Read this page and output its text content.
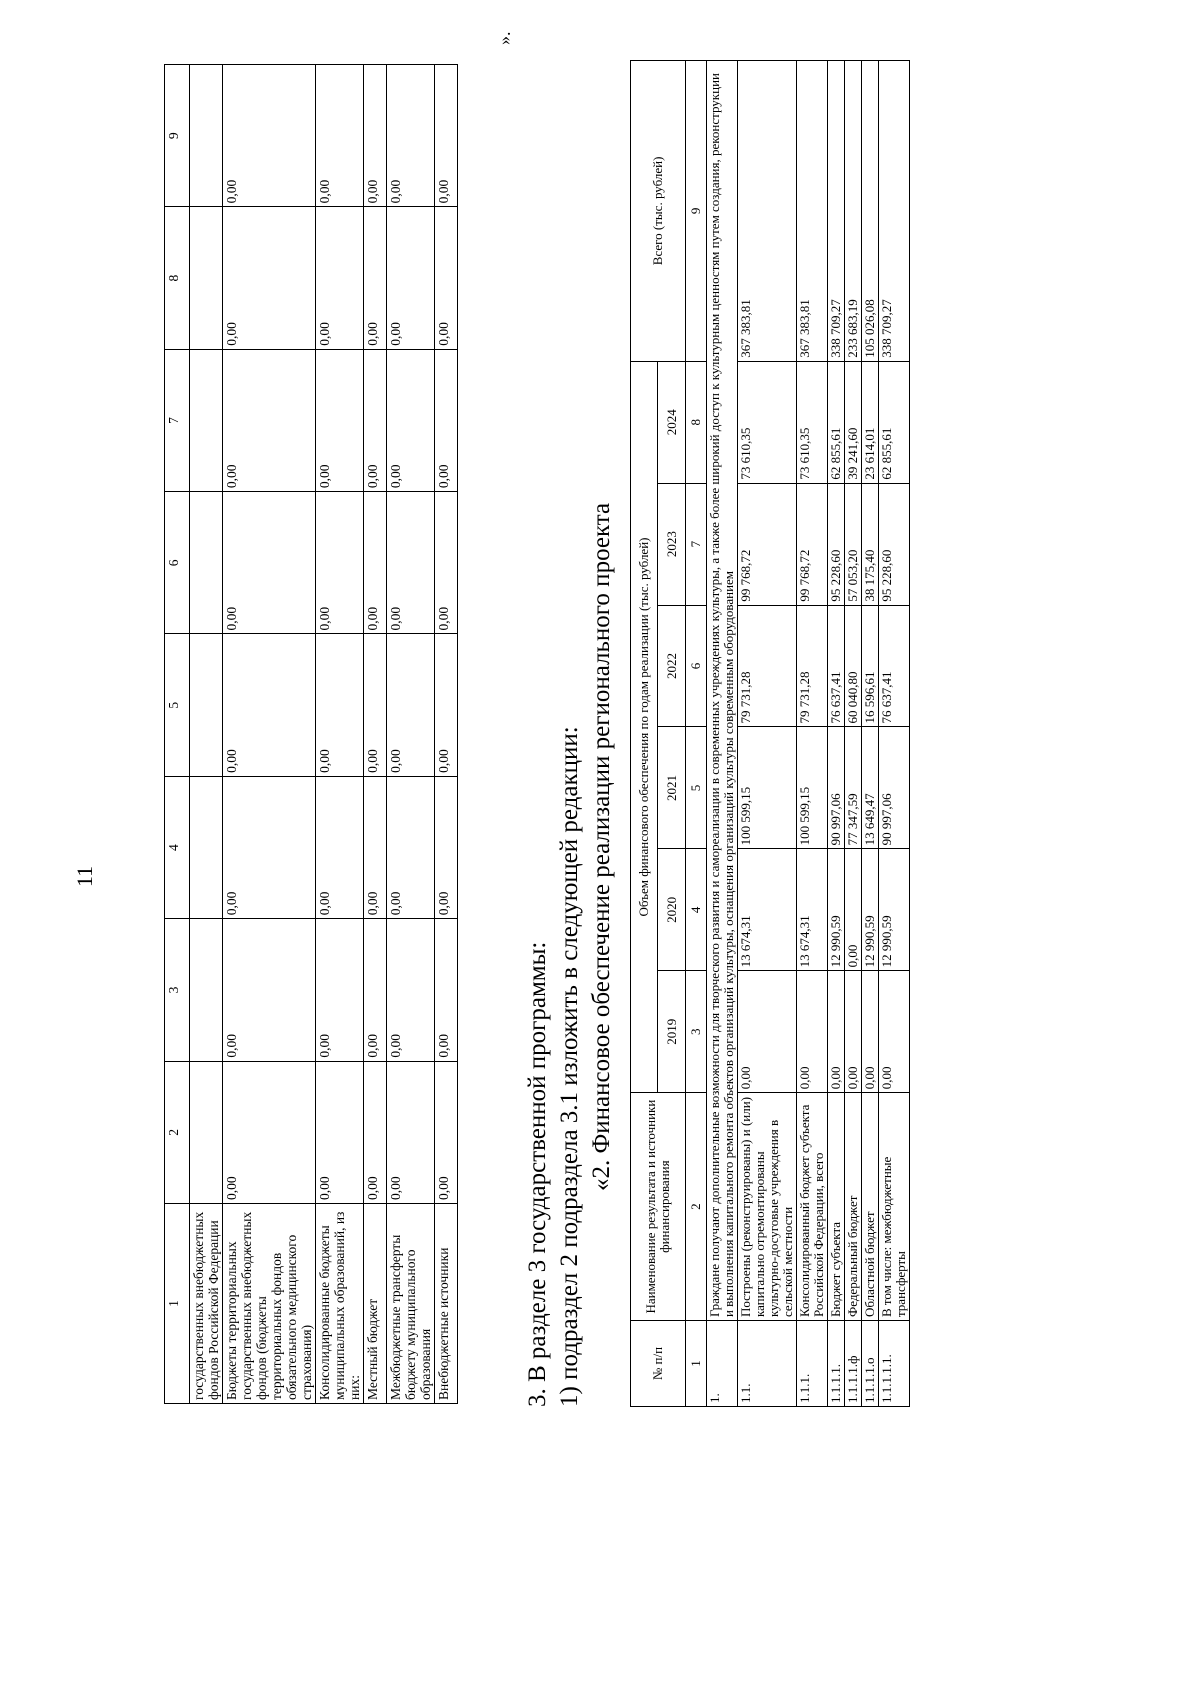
11
1	2	3	4	5	6	7	8	9
государственных внебюджетных фондов Российской Федерации								
Бюджеты территориальных государственных внебюджетных фондов (бюджеты территориальных фондов обязательного медицинского страхования)	0,00	0,00	0,00	0,00	0,00	0,00	0,00	0,00
Консолидированные бюджеты муниципальных образований, из них:	0,00	0,00	0,00	0,00	0,00	0,00	0,00	0,00
Местный бюджет	0,00	0,00	0,00	0,00	0,00	0,00	0,00	0,00
Межбюджетные трансферты бюджету муниципального образования	0,00	0,00	0,00	0,00	0,00	0,00	0,00	0,00
Внебюджетные источники	0,00	0,00	0,00	0,00	0,00	0,00	0,00	0,00
».
3. В разделе 3 государственной программы: 1) подраздел 2 подраздела 3.1 изложить в следующей редакции: «2. Финансовое обеспечение реализации регионального проекта
№ п/п	Наименование результата и источники финансирования	Объем финансового обеспечения по годам реализации (тыс. рублей)						Всего (тыс. рублей)
		2019	2020	2021	2022	2023	2024	
1	2	3	4	5	6	7	8	9
1.	Граждане получают дополнительные возможности для творческого развития и самореализации в современных учреждениях культуры, а также более широкий доступ к культурным ценностям путем создания, реконструкции и выполнения капитального ремонта объектов организаций культуры, оснащения организаций культуры современным оборудованием							
1.1.	Построены (реконструированы) и (или) капитально отремонтированы культурно-досуговые учреждения в сельской местности	0,00	13 674,31	100 599,15	79 731,28	99 768,72	73 610,35	367 383,81
1.1.1.	Консолидированный бюджет субъекта Российской Федерации, всего	0,00	13 674,31	100 599,15	79 731,28	99 768,72	73 610,35	367 383,81
1.1.1.1.	Бюджет субъекта	0,00	12 990,59	90 997,06	76 637,41	95 228,60	62 855,61	338 709,27
1.1.1.1.ф	Федеральный бюджет	0,00	0,00	77 347,59	60 040,80	57 053,20	39 241,60	233 683,19
1.1.1.1.о	Областной бюджет	0,00	12 990,59	13 649,47	16 596,61	38 175,40	23 614,01	105 026,08
1.1.1.1.1.	В том числе: межбюджетные трансферты	0,00	12 990,59	90 997,06	76 637,41	95 228,60	62 855,61	338 709,27
